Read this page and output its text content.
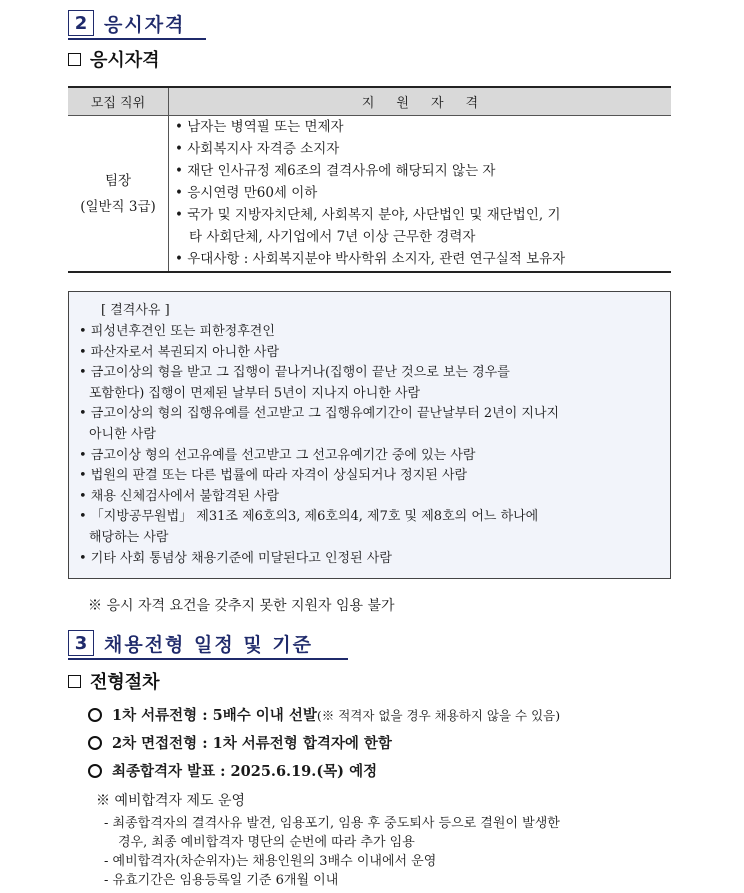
2 응시자격
응시자격
모집 직위	지원자격
팀장
(일반직 3급)
• 남자는 병역필 또는 면제자
• 사회복지사 자격증 소지자
• 재단 인사규정 제6조의 결격사유에 해당되지 않는 자
• 응시연령 만60세 이하
• 국가 및 지방자치단체, 사회복지 분야, 사단법인 및 재단법인, 기
타 사회단체, 사기업에서 7년 이상 근무한 경력자
• 우대사항 : 사회복지분야 박사학위 소지자, 관련 연구실적 보유자
[ 결격사유 ]
• 피성년후견인 또는 피한정후견인
• 파산자로서 복권되지 아니한 사람
• 금고이상의 형을 받고 그 집행이 끝나거나(집행이 끝난 것으로 보는 경우를
포함한다) 집행이 면제된 날부터 5년이 지나지 아니한 사람
• 금고이상의 형의 집행유예를 선고받고 그 집행유예기간이 끝난날부터 2년이 지나지
아니한 사람
• 금고이상 형의 선고유예를 선고받고 그 선고유예기간 중에 있는 사람
• 법원의 판결 또는 다른 법률에 따라 자격이 상실되거나 정지된 사람
• 채용 신체검사에서 불합격된 사람
• 「지방공무원법」 제31조 제6호의3, 제6호의4, 제7호 및 제8호의 어느 하나에
해당하는 사람
• 기타 사회 통념상 채용기준에 미달된다고 인정된 사람
※ 응시 자격 요건을 갖추지 못한 지원자 임용 불가
3 채용전형 일정 및 기준
전형절차
1차 서류전형 : 5배수 이내 선발 (※ 적격자 없을 경우 채용하지 않을 수 있음)
2차 면접전형 : 1차 서류전형 합격자에 한함
최종합격자 발표 : 2025.6.19.(목) 예정
※ 예비합격자 제도 운영
- 최종합격자의 결격사유 발견, 임용포기, 임용 후 중도퇴사 등으로 결원이 발생한
경우, 최종 예비합격자 명단의 순번에 따라 추가 임용
- 예비합격자(차순위자)는 채용인원의 3배수 이내에서 운영
- 유효기간은 임용등록일 기준 6개월 이내
